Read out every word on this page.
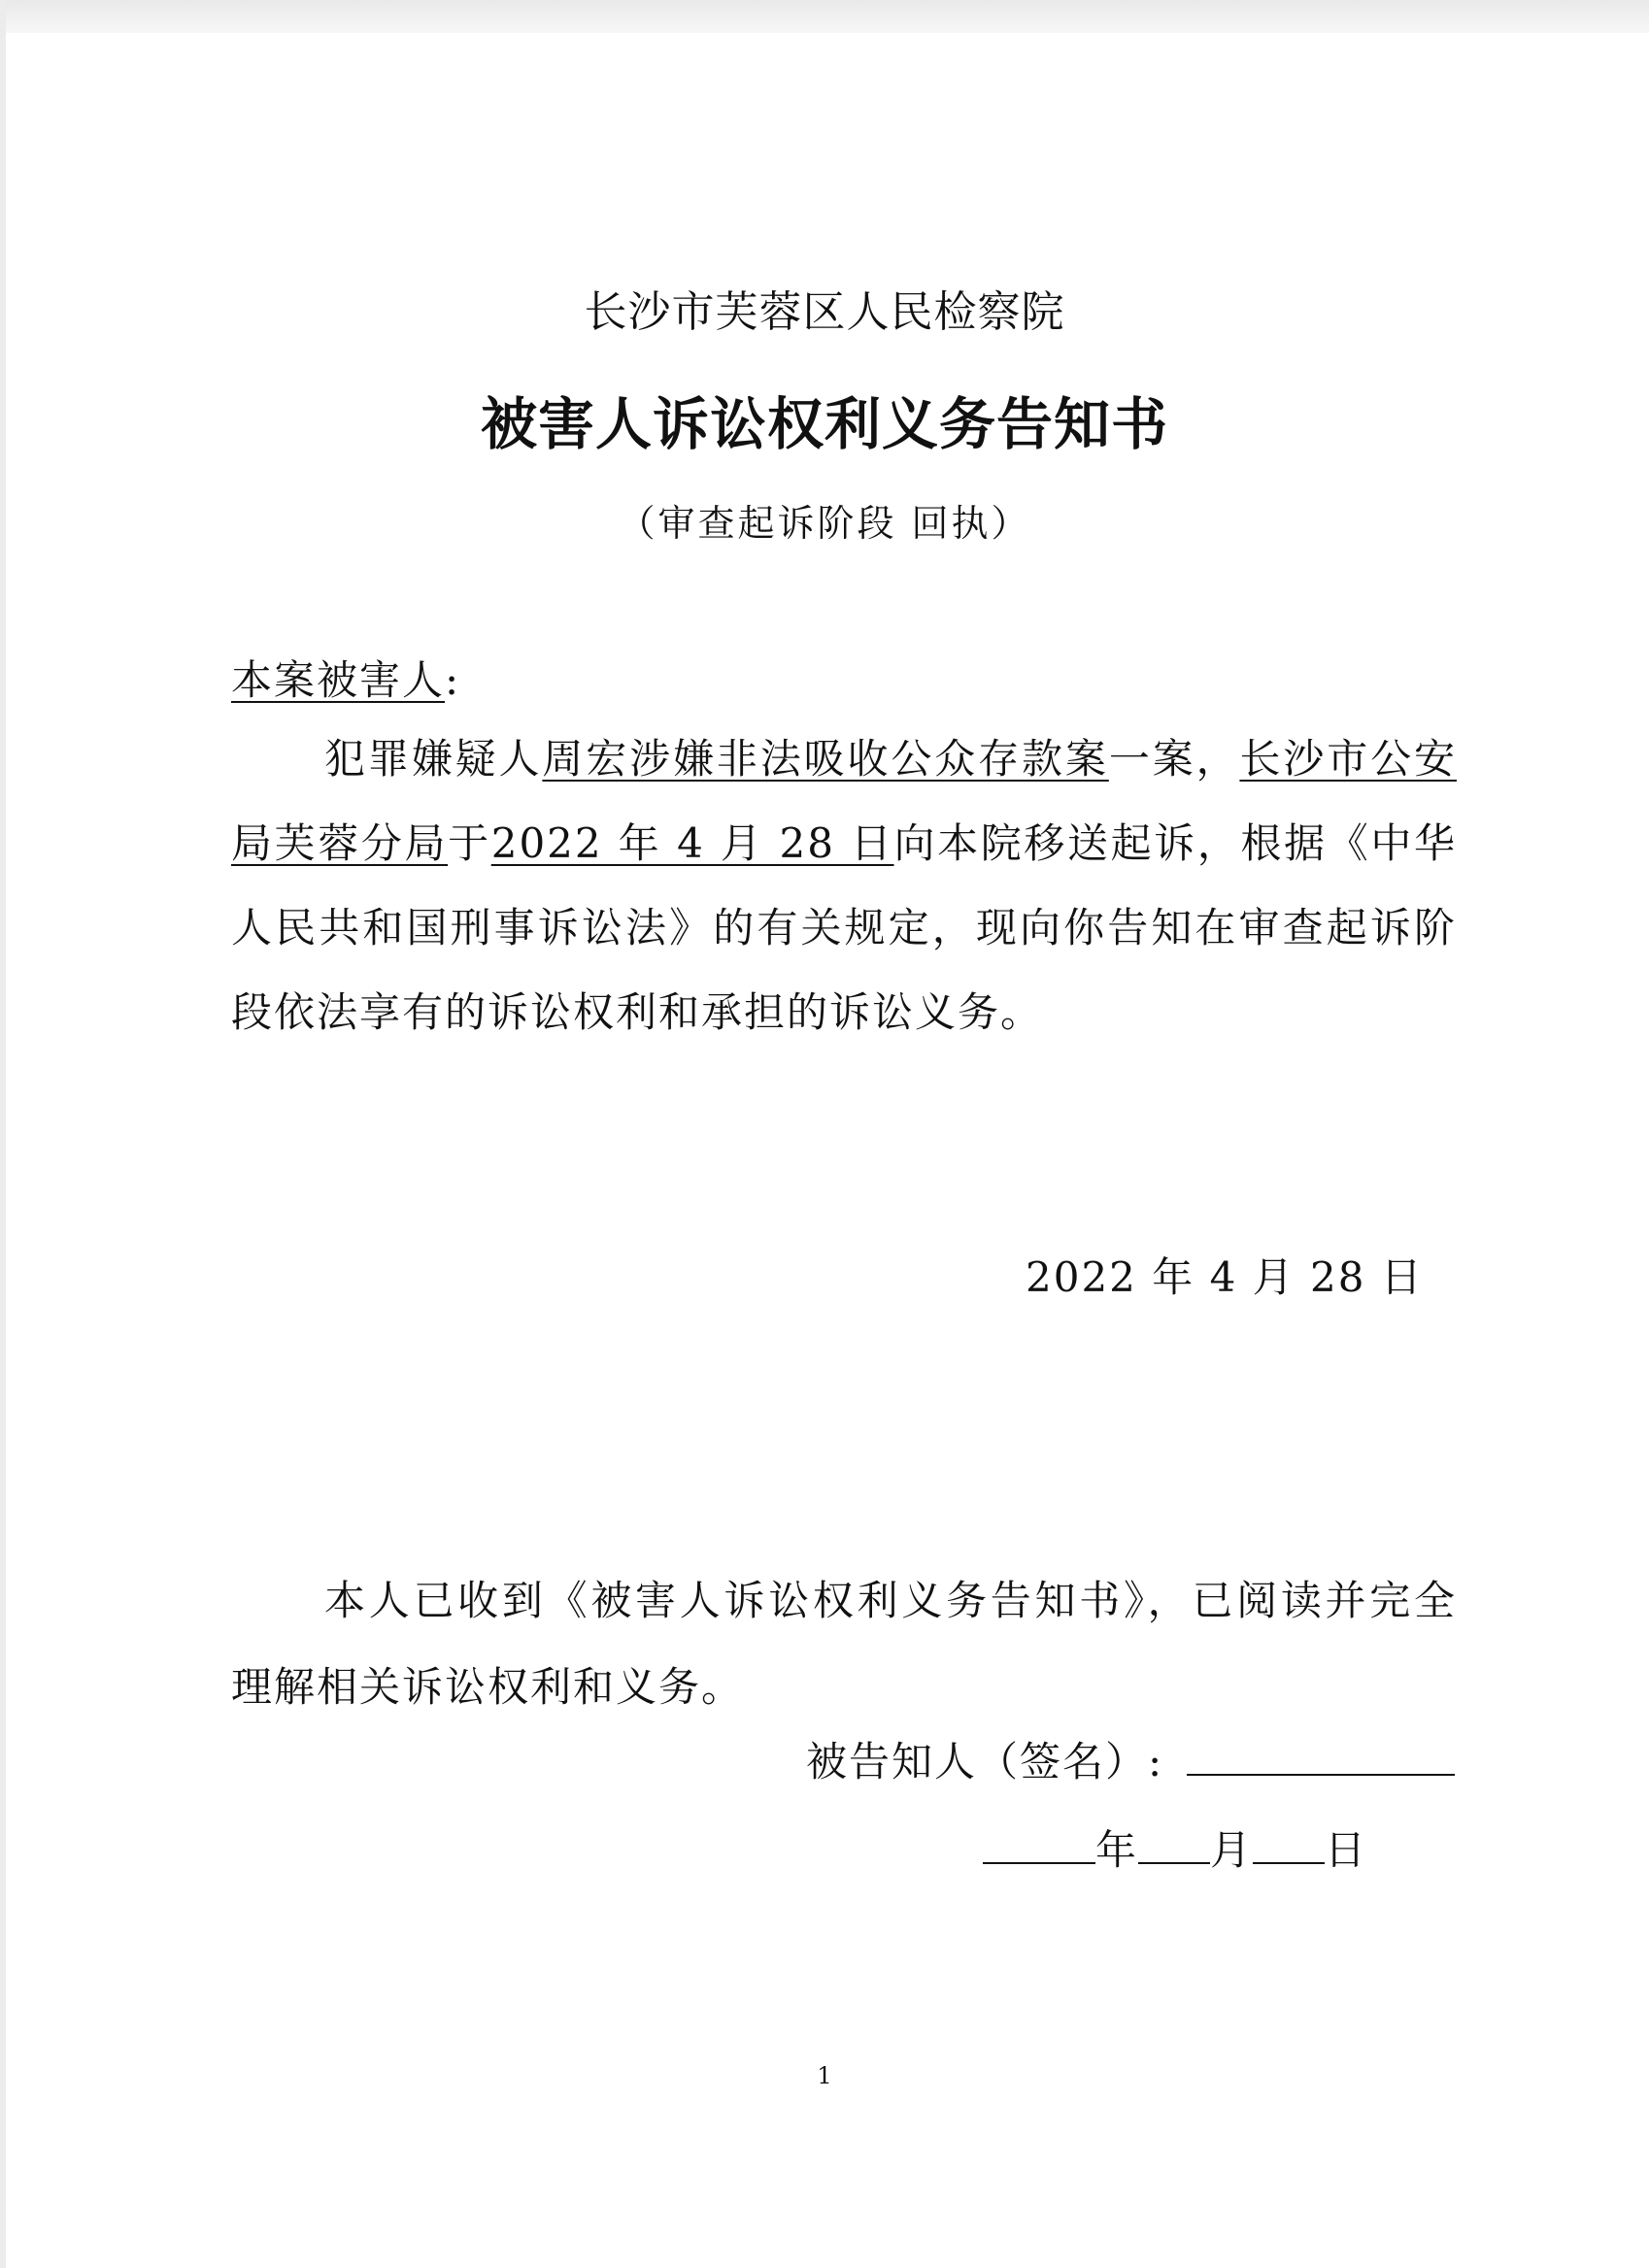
长沙市芙蓉区人民检察院
被害人诉讼权利义务告知书
（审查起诉阶段 回执）
本案被害人:
犯罪嫌疑人周宏涉嫌非法吸收公众存款案一案，长沙市公安局芙蓉分局于2022 年 4 月 28 日向本院移送起诉，根据《中华人民共和国刑事诉讼法》的有关规定，现向你告知在审查起诉阶段依法享有的诉讼权利和承担的诉讼义务。
2022 年 4 月 28 日
本人已收到《被害人诉讼权利义务告知书》，已阅读并完全理解相关诉讼权利和义务。
被告知人（签名）:
年 月 日
1
